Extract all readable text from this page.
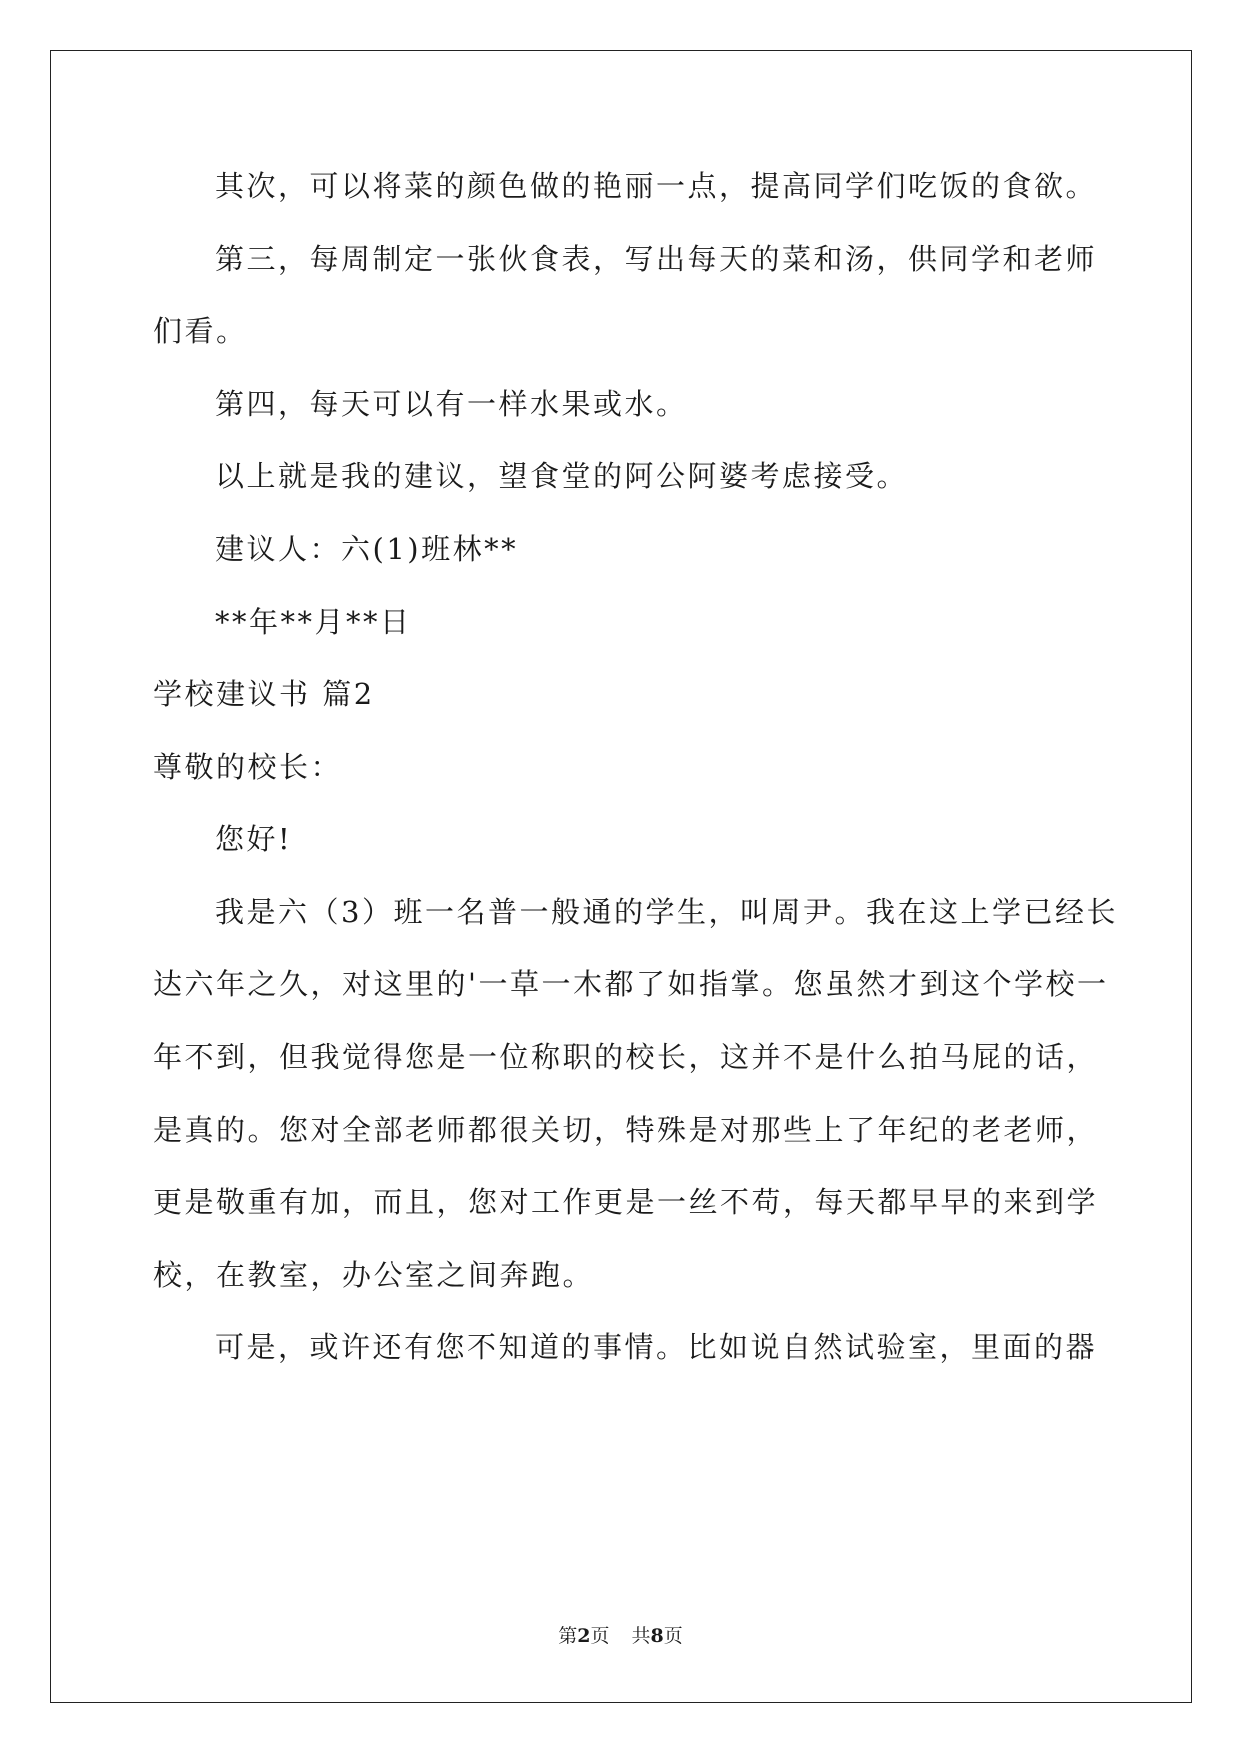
其次，可以将菜的颜色做的艳丽一点，提高同学们吃饭的食欲。
第三，每周制定一张伙食表，写出每天的菜和汤，供同学和老师
们看。
第四，每天可以有一样水果或水。
以上就是我的建议，望食堂的阿公阿婆考虑接受。
建议人：六(1)班林**
**年**月**日
学校建议书 篇2
尊敬的校长：
您好!
我是六（3）班一名普一般通的学生，叫周尹。我在这上学已经长
达六年之久，对这里的'一草一木都了如指掌。您虽然才到这个学校一
年不到，但我觉得您是一位称职的校长，这并不是什么拍马屁的话，
是真的。您对全部老师都很关切，特殊是对那些上了年纪的老老师，
更是敬重有加，而且，您对工作更是一丝不苟，每天都早早的来到学
校，在教室，办公室之间奔跑。
可是，或许还有您不知道的事情。比如说自然试验室，里面的器
第2页 共8页
